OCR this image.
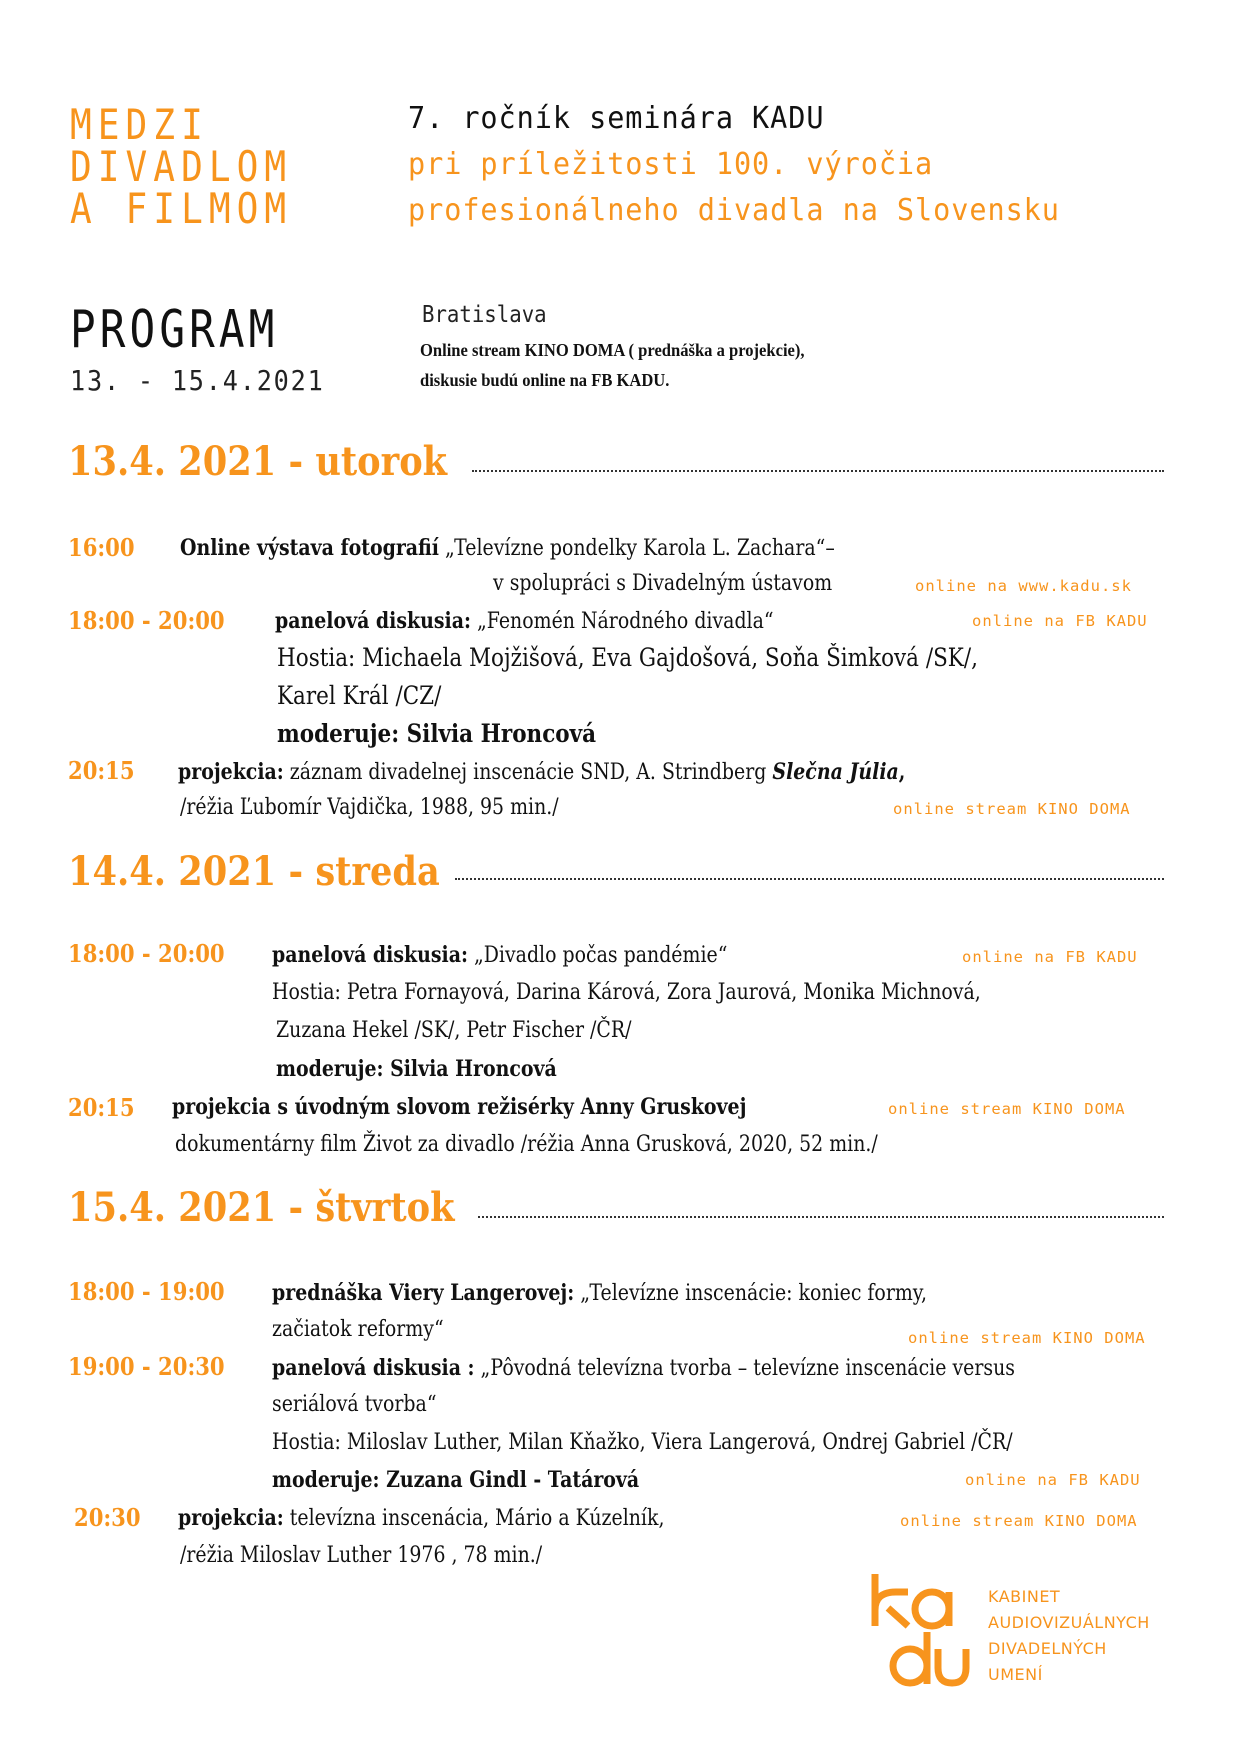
MEDZI
DIVADLOM
A FILMOM
7. ročník seminára KADU
pri príležitosti 100. výročia
profesionálneho divadla na Slovensku
PROGRAM
13. - 15.4.2021
Bratislava
Online stream KINO DOMA ( prednáška a projekcie),
diskusie budú online na FB KADU.
13.4. 2021 - utorok
16:00 Online výstava fotografií „Televízne pondelky Karola L. Zachara“–
v spolupráci s Divadelným ústavom	online na www.kadu.sk
18:00 - 20:00 panelová diskusia: „Fenomén Národného divadla“	online na FB KADU
Hostia: Michaela Mojžišová, Eva Gajdošová, Soňa Šimková /SK/,
Karel Král /CZ/
moderuje: Silvia Hroncová
20:15 projekcia: záznam divadelnej inscenácie SND, A. Strindberg Slečna Júlia,
/réžia Ľubomír Vajdička, 1988, 95 min./	online stream KINO DOMA
14.4. 2021 - streda
18:00 - 20:00 panelová diskusia: „Divadlo počas pandémie“	online na FB KADU
Hostia: Petra Fornayová, Darina Kárová, Zora Jaurová, Monika Michnová,
Zuzana Hekel /SK/, Petr Fischer /ČR/
moderuje: Silvia Hroncová
20:15 projekcia s úvodným slovom režisérky Anny Gruskovej	online stream KINO DOMA
dokumentárny film Život za divadlo /réžia Anna Grusková, 2020, 52 min./
15.4. 2021 - štvrtok
18:00 - 19:00 prednáška Viery Langerovej: „Televízne inscenácie: koniec formy,
začiatok reformy“	online stream KINO DOMA
19:00 - 20:30 panelová diskusia : „Pôvodná televízna tvorba – televízne inscenácie versus
seriálová tvorba“
Hostia: Miloslav Luther, Milan Kňažko, Viera Langerová, Ondrej Gabriel /ČR/
moderuje: Zuzana Gindl - Tatárová	online na FB KADU
20:30 projekcia: televízna inscenácia, Mário a Kúzelník,	online stream KINO DOMA
/réžia Miloslav Luther 1976 , 78 min./
KABINET
AUDIOVIZUÁLNYCH
DIVADELNÝCH
UMENÍ
